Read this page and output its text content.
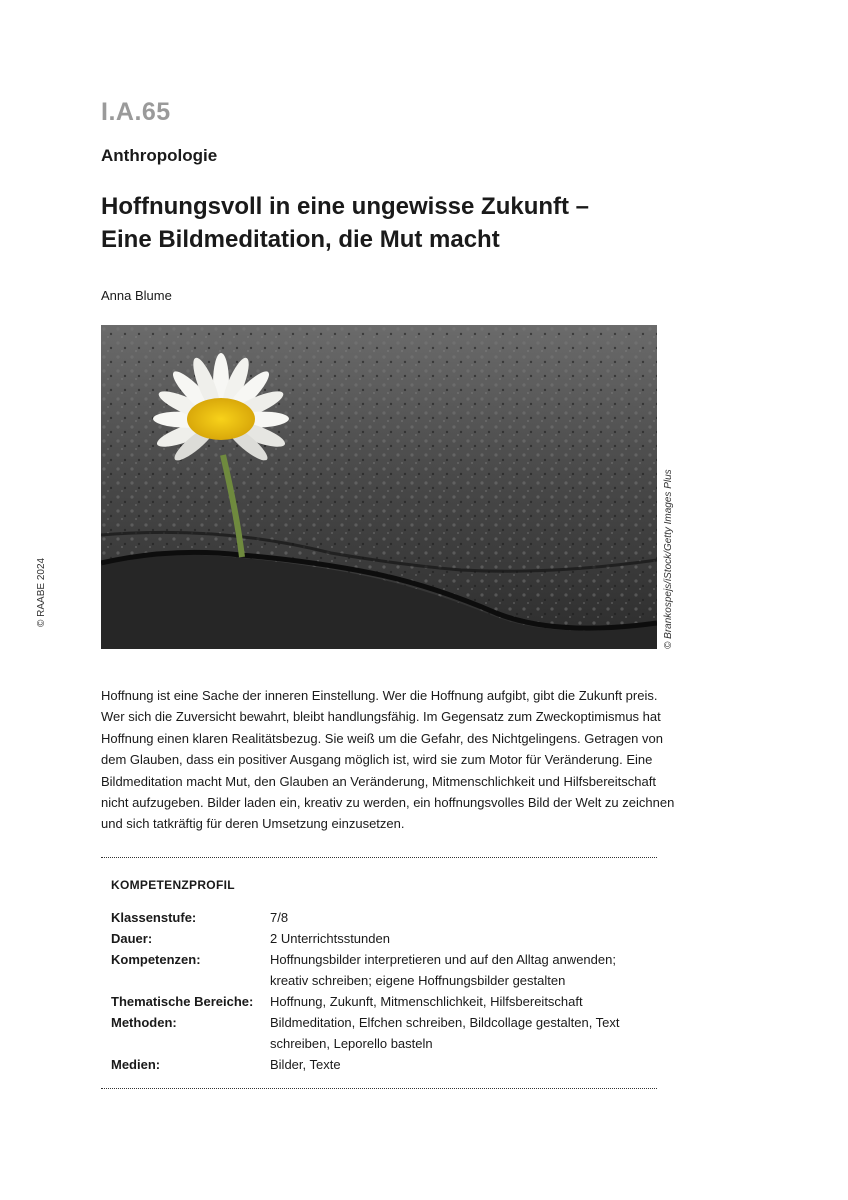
I.A.65
Anthropologie
Hoffnungsvoll in eine ungewisse Zukunft –
Eine Bildmeditation, die Mut macht
Anna Blume
© Brankospejs/iStock/Getty Images Plus
© RAABE 2024

Hoffnung ist eine Sache der inneren Einstellung. Wer die Hoffnung aufgibt, gibt die Zukunft preis.
Wer sich die Zuversicht bewahrt, bleibt handlungsfähig. Im Gegensatz zum Zweckoptimismus hat
Hoffnung einen klaren Realitätsbezug. Sie weiß um die Gefahr, des Nichtgelingens. Getragen von
dem Glauben, dass ein positiver Ausgang möglich ist, wird sie zum Motor für Veränderung. Eine
Bildmeditation macht Mut, den Glauben an Veränderung, Mitmenschlichkeit und Hilfsbereitschaft
nicht aufzugeben. Bilder laden ein, kreativ zu werden, ein hoffnungsvolles Bild der Welt zu zeichnen
und sich tatkräftig für deren Umsetzung einzusetzen.

KOMPETENZPROFIL
Klassenstufe:	7/8
Dauer:	2 Unterrichtsstunden
Kompetenzen:	Hoffnungsbilder interpretieren und auf den Alltag anwenden;
kreativ schreiben; eigene Hoffnungsbilder gestalten
Thematische Bereiche: Hoffnung, Zukunft, Mitmenschlichkeit, Hilfsbereitschaft
Methoden:	Bildmeditation, Elfchen schreiben, Bildcollage gestalten, Text
schreiben, Leporello basteln
Medien:	Bilder, Texte
